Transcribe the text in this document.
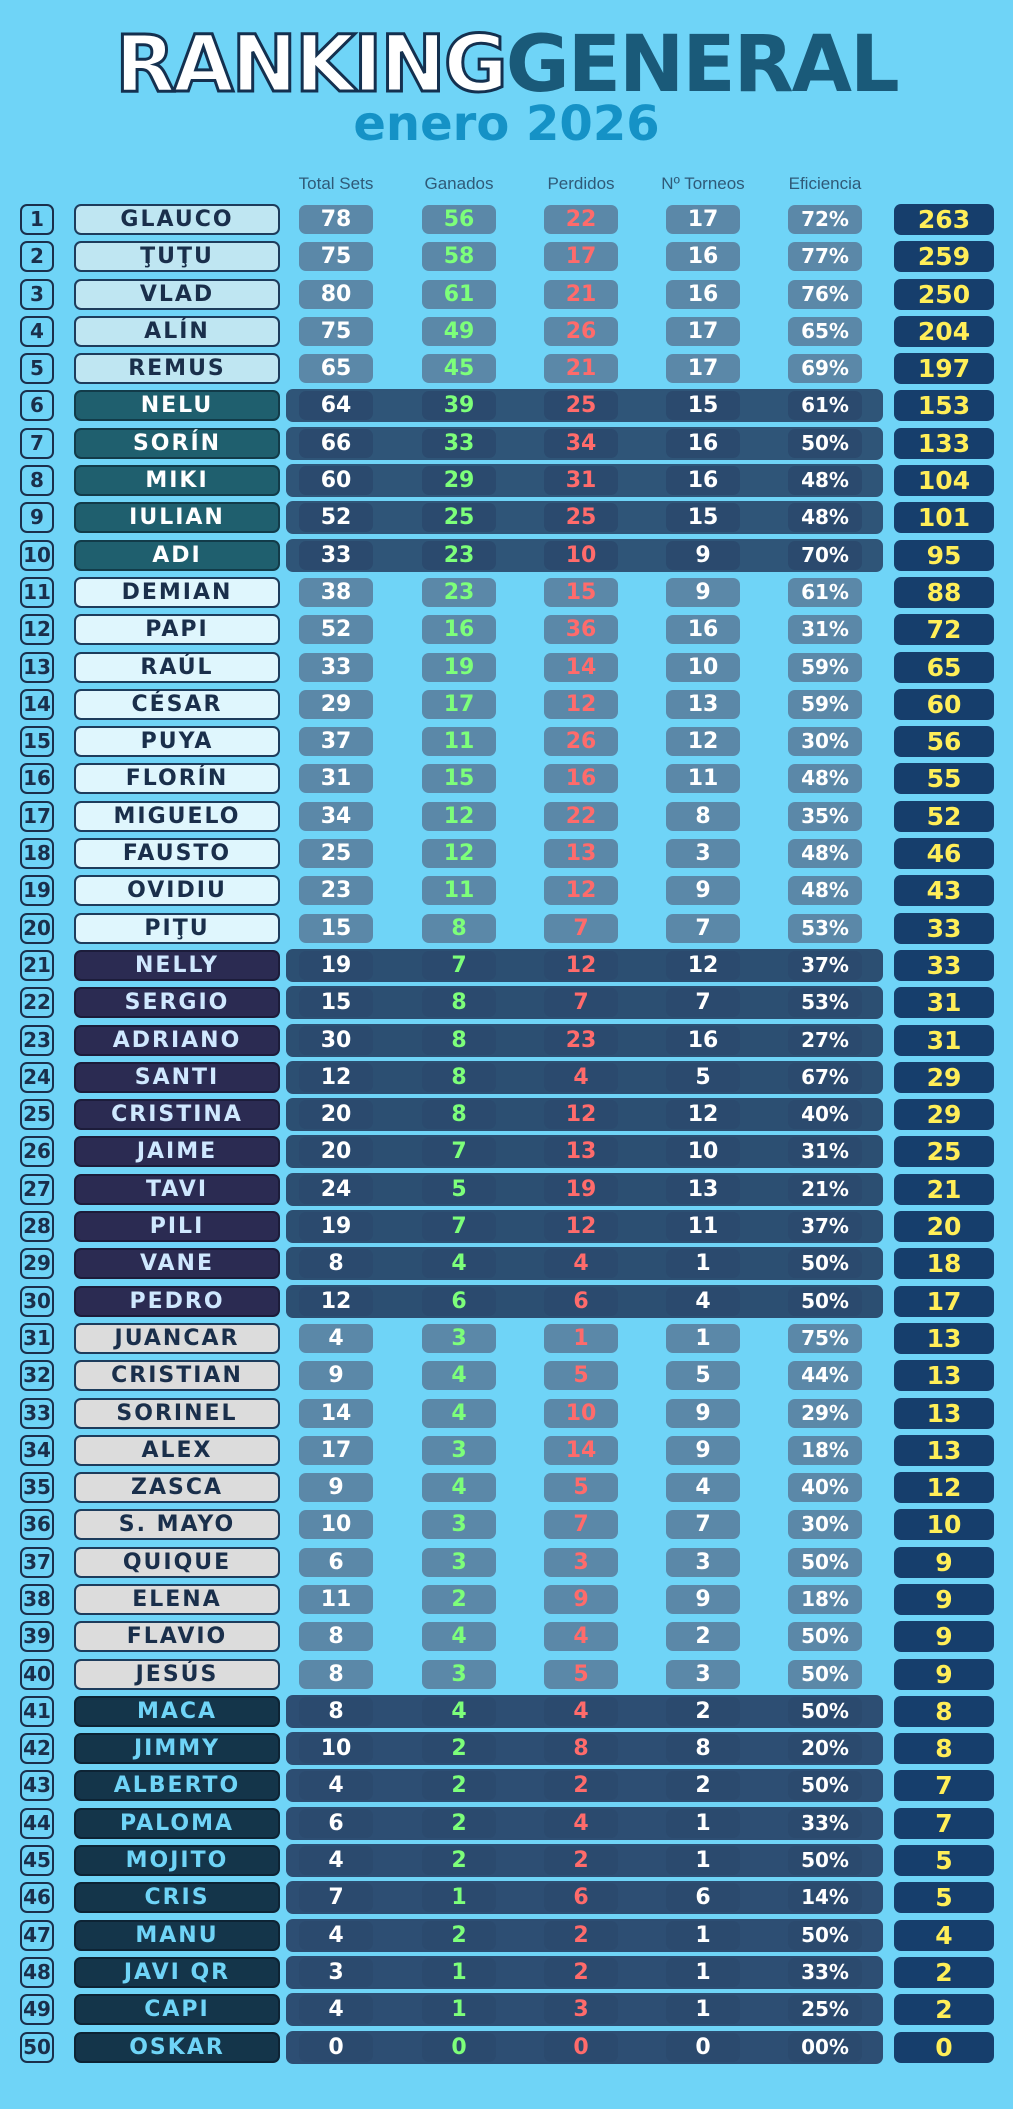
RANKINGGENERAL
enero 2026
Total Sets	Ganados	Perdidos	Nº Torneos	Eficiencia
1	GLAUCO	78	56	22	17	72%	263
2	ŢUŢU	75	58	17	16	77%	259
3	VLAD	80	61	21	16	76%	250
4	ALÍN	75	49	26	17	65%	204
5	REMUS	65	45	21	17	69%	197
6	NELU	64	39	25	15	61%	153
7	SORÍN	66	33	34	16	50%	133
8	MIKI	60	29	31	16	48%	104
9	IULIAN	52	25	25	15	48%	101
10	ADI	33	23	10	9	70%	95
11	DEMIAN	38	23	15	9	61%	88
12	PAPI	52	16	36	16	31%	72
13	RAÚL	33	19	14	10	59%	65
14	CÉSAR	29	17	12	13	59%	60
15	PUYA	37	11	26	12	30%	56
16	FLORÍN	31	15	16	11	48%	55
17	MIGUELO	34	12	22	8	35%	52
18	FAUSTO	25	12	13	3	48%	46
19	OVIDIU	23	11	12	9	48%	43
20	PIŢU	15	8	7	7	53%	33
21	NELLY	19	7	12	12	37%	33
22	SERGIO	15	8	7	7	53%	31
23	ADRIANO	30	8	23	16	27%	31
24	SANTI	12	8	4	5	67%	29
25	CRISTINA	20	8	12	12	40%	29
26	JAIME	20	7	13	10	31%	25
27	TAVI	24	5	19	13	21%	21
28	PILI	19	7	12	11	37%	20
29	VANE	8	4	4	1	50%	18
30	PEDRO	12	6	6	4	50%	17
31	JUANCAR	4	3	1	1	75%	13
32	CRISTIAN	9	4	5	5	44%	13
33	SORINEL	14	4	10	9	29%	13
34	ALEX	17	3	14	9	18%	13
35	ZASCA	9	4	5	4	40%	12
36	S. MAYO	10	3	7	7	30%	10
37	QUIQUE	6	3	3	3	50%	9
38	ELENA	11	2	9	9	18%	9
39	FLAVIO	8	4	4	2	50%	9
40	JESÚS	8	3	5	3	50%	9
41	MACA	8	4	4	2	50%	8
42	JIMMY	10	2	8	8	20%	8
43	ALBERTO	4	2	2	2	50%	7
44	PALOMA	6	2	4	1	33%	7
45	MOJITO	4	2	2	1	50%	5
46	CRIS	7	1	6	6	14%	5
47	MANU	4	2	2	1	50%	4
48	JAVI QR	3	1	2	1	33%	2
49	CAPI	4	1	3	1	25%	2
50	OSKAR	0	0	0	0	00%	0
